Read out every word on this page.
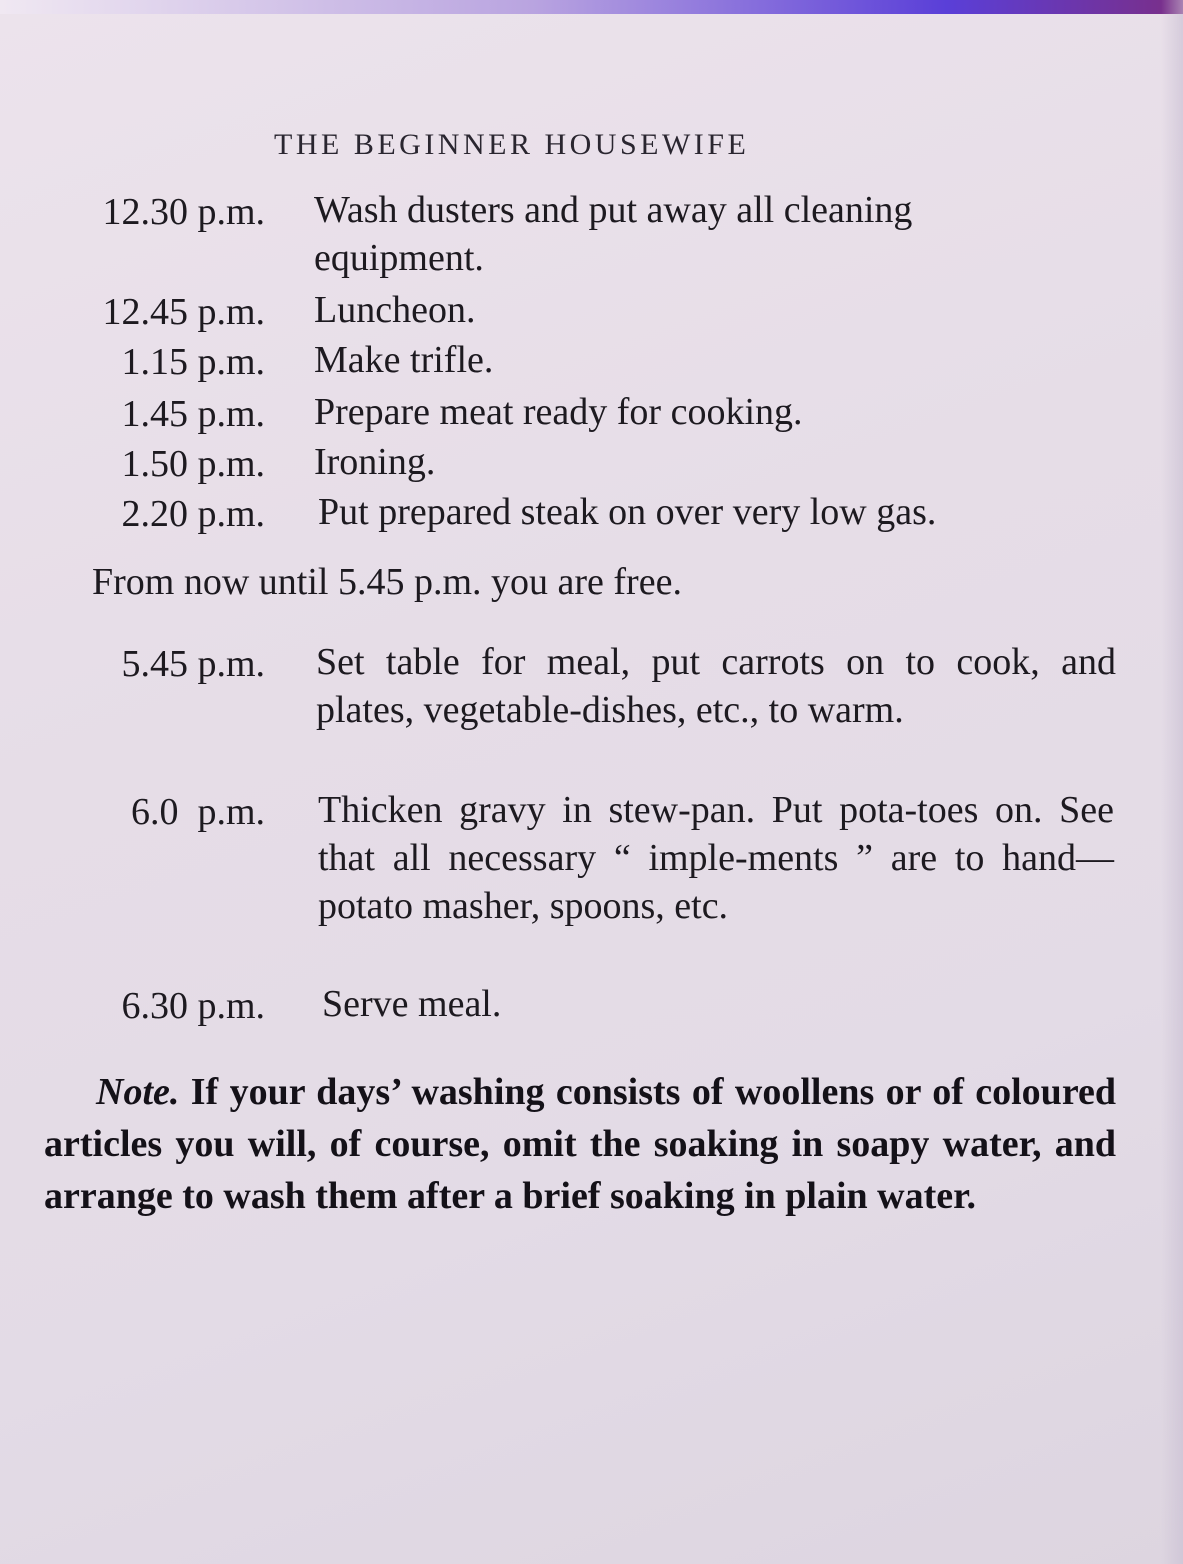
THE BEGINNER HOUSEWIFE
12.30 p.m. Wash dusters and put away all cleaning equipment.
12.45 p.m. Luncheon.
1.15 p.m. Make trifle.
1.45 p.m. Prepare meat ready for cooking.
1.50 p.m. Ironing.
2.20 p.m. Put prepared steak on over very low gas.
From now until 5.45 p.m. you are free.
5.45 p.m. Set table for meal, put carrots on to cook, and plates, vegetable-dishes, etc., to warm.
6.0  p.m. Thicken gravy in stew-pan. Put pota-toes on. See that all necessary “ imple-ments ” are to hand—potato masher, spoons, etc.
6.30 p.m. Serve meal.
Note. If your days’ washing consists of woollens or of coloured articles you will, of course, omit the soaking in soapy water, and arrange to wash them after a brief soaking in plain water.
